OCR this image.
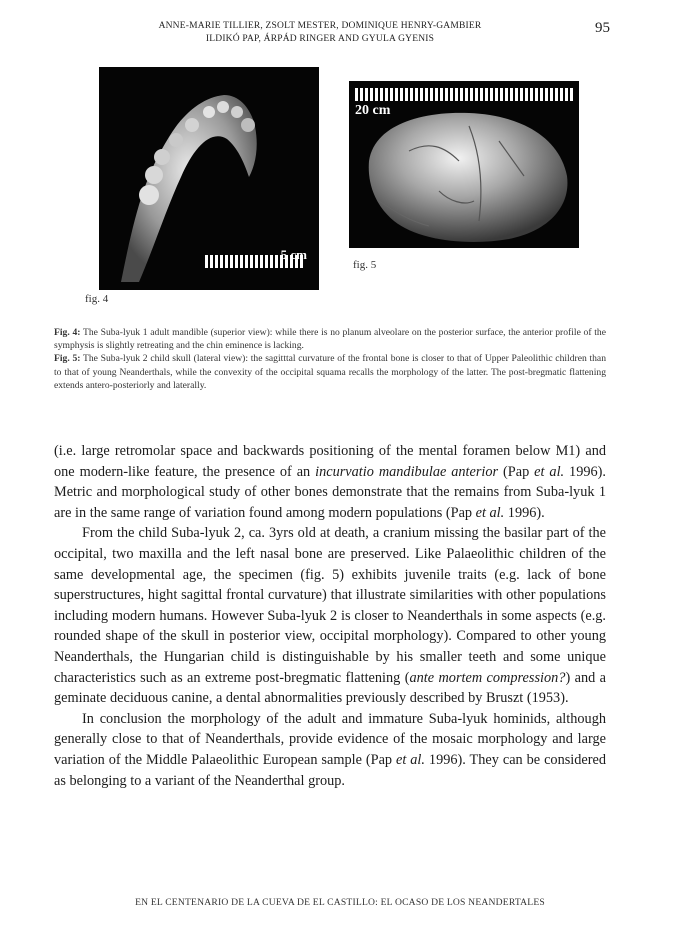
ANNE-MARIE TILLIER, ZSOLT MESTER, DOMINIQUE HENRY-GAMBIER
ILDIKÓ PAP, ÁRPÁD RINGER AND GYULA GYENIS
95
5 cm
fig. 4
20 cm
fig. 5

Fig. 4: The Suba-lyuk 1 adult mandible (superior view): while there is no planum alveolare on the posterior surface, the anterior profile of the symphysis is slightly retreating and the chin eminence is lacking.

Fig. 5: The Suba-lyuk 2 child skull (lateral view): the sagitttal curvature of the frontal bone is closer to that of Upper Paleolithic children than to that of young Neanderthals, while the convexity of the occipital squama recalls the morphology of the latter. The post-bregmatic flattening extends antero-posteriorly and laterally.

(i.e. large retromolar space and backwards positioning of the mental foramen below M1) and one modern-like feature, the presence of an incurvatio mandibulae anterior (Pap et al. 1996). Metric and morphological study of other bones demonstrate that the remains from Suba-lyuk 1 are in the same range of variation found among modern populations (Pap et al. 1996).

From the child Suba-lyuk 2, ca. 3yrs old at death, a cranium missing the basilar part of the occipital, two maxilla and the left nasal bone are preserved. Like Palaeolithic children of the same developmental age, the specimen (fig. 5) exhibits juvenile traits (e.g. lack of bone superstructures, hight sagittal frontal curvature) that illustrate similarities with other populations including modern humans. However Suba-lyuk 2 is closer to Neanderthals in some aspects (e.g. rounded shape of the skull in posterior view, occipital morphology). Compared to other young Neanderthals, the Hungarian child is distinguishable by his smaller teeth and some unique characteristics such as an extreme post-bregmatic flattening (ante mortem compression?) and a geminate deciduous canine, a dental abnormalities previously described by Bruszt (1953).

In conclusion the morphology of the adult and immature Suba-lyuk hominids, although generally close to that of Neanderthals, provide evidence of the mosaic morphology and large variation of the Middle Palaeolithic European sample (Pap et al. 1996). They can be considered as belonging to a variant of the Neanderthal group.

EN EL CENTENARIO DE LA CUEVA DE EL CASTILLO: EL OCASO DE LOS NEANDERTALES
